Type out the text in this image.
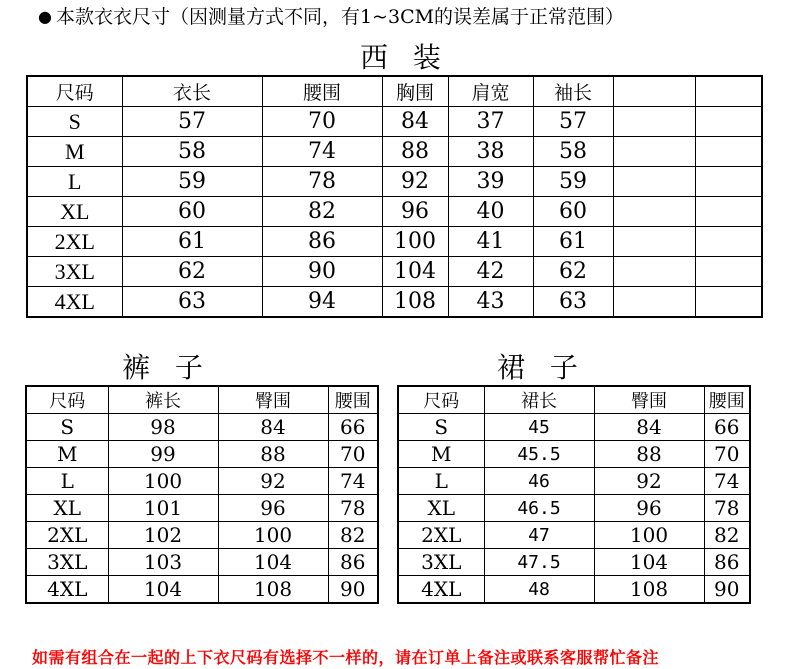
● 本款衣衣尺寸（因测量方式不同，有1~3CM的误差属于正常范围）
西 装
尺码	衣长	腰围	胸围	肩宽	袖长		
S	57	70	84	37	57		
M	58	74	88	38	58		
L	59	78	92	39	59		
XL	60	82	96	40	60		
2XL	61	86	100	41	61		
3XL	62	90	104	42	62		
4XL	63	94	108	43	63		
裤 子
尺码	裤长	臀围	腰围
S	98	84	66
M	99	88	70
L	100	92	74
XL	101	96	78
2XL	102	100	82
3XL	103	104	86
4XL	104	108	90
裙 子
尺码	裙长	臀围	腰围
S	45	84	66
M	45.5	88	70
L	46	92	74
XL	46.5	96	78
2XL	47	100	82
3XL	47.5	104	86
4XL	48	108	90
如需有组合在一起的上下衣尺码有选择不一样的，请在订单上备注或联系客服帮忙备注
